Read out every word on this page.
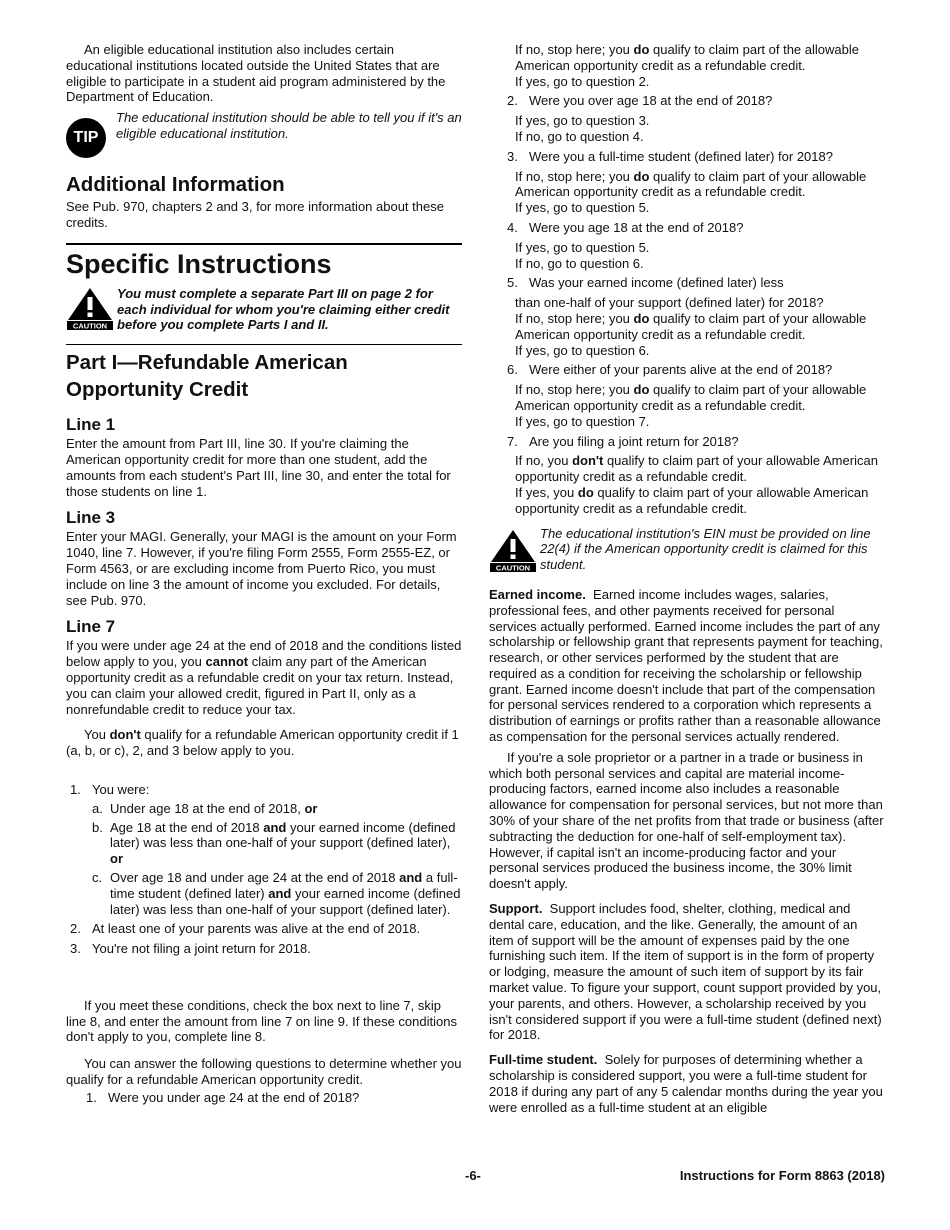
An eligible educational institution also includes certain educational institutions located outside the United States that are eligible to participate in a student aid program administered by the Department of Education.

TIP

The educational institution should be able to tell you if it's an eligible educational institution.

Additional Information

See Pub. 970, chapters 2 and 3, for more information about these credits.

Specific Instructions
CAUTION

You must complete a separate Part III on page 2 for each individual for whom you're claiming either credit before you complete Parts I and II.

Part I—Refundable American
Opportunity Credit
Line 1

Enter the amount from Part III, line 30. If you're claiming the American opportunity credit for more than one student, add the amounts from each student's Part III, line 30, and enter the total for those students on line 1.

Line 3

Enter your MAGI. Generally, your MAGI is the amount on your Form 1040, line 7. However, if you're filing Form 2555, Form 2555-EZ, or Form 4563, or are excluding income from Puerto Rico, you must include on line 3 the amount of income you excluded. For details, see Pub. 970.

Line 7

If you were under age 24 at the end of 2018 and the conditions listed below apply to you, you cannot claim any part of the American opportunity credit as a refundable credit on your tax return. Instead, you can claim your allowed credit, figured in Part II, only as a nonrefundable credit to reduce your tax.

You don't qualify for a refundable American opportunity credit if 1 (a, b, or c), 2, and 3 below apply to you.

1. You were:
a. Under age 18 at the end of 2018, or
b. Age 18 at the end of 2018 and your earned income (defined later) was less than one-half of your support (defined later), or
c. Over age 18 and under age 24 at the end of 2018 and a full-time student (defined later) and your earned income (defined later) was less than one-half of your support (defined later).
2. At least one of your parents was alive at the end of 2018.
3. You're not filing a joint return for 2018.

If you meet these conditions, check the box next to line 7, skip line 8, and enter the amount from line 7 on line 9. If these conditions don't apply to you, complete line 8.

You can answer the following questions to determine whether you qualify for a refundable American opportunity credit.

1. Were you under age 24 at the end of 2018?

If no, stop here; you do qualify to claim part of the allowable American opportunity credit as a refundable credit.

If yes, go to question 2.

2. Were you over age 18 at the end of 2018?

If yes, go to question 3.

If no, go to question 4.

3. Were you a full-time student (defined later) for 2018?

If no, stop here; you do qualify to claim part of your allowable American opportunity credit as a refundable credit.

If yes, go to question 5.

4. Were you age 18 at the end of 2018?

If yes, go to question 5.

If no, go to question 6.

5. Was your earned income (defined later) less

than one-half of your support (defined later) for 2018?

If no, stop here; you do qualify to claim part of your allowable American opportunity credit as a refundable credit.

If yes, go to question 6.

6. Were either of your parents alive at the end of 2018?

If no, stop here; you do qualify to claim part of your allowable American opportunity credit as a refundable credit.

If yes, go to question 7.

7. Are you filing a joint return for 2018?

If no, you don't qualify to claim part of your allowable American opportunity credit as a refundable credit.

If yes, you do qualify to claim part of your allowable American opportunity credit as a refundable credit.

CAUTION

The educational institution's EIN must be provided on line 22(4) if the American opportunity credit is claimed for this student.

Earned income. Earned income includes wages, salaries, professional fees, and other payments received for personal services actually performed. Earned income includes the part of any scholarship or fellowship grant that represents payment for teaching, research, or other services performed by the student that are required as a condition for receiving the scholarship or fellowship grant. Earned income doesn't include that part of the compensation for personal services rendered to a corporation which represents a distribution of earnings or profits rather than a reasonable allowance as compensation for the personal services actually rendered.

If you're a sole proprietor or a partner in a trade or business in which both personal services and capital are material income-producing factors, earned income also includes a reasonable allowance for compensation for personal services, but not more than 30% of your share of the net profits from that trade or business (after subtracting the deduction for one-half of self-employment tax). However, if capital isn't an income-producing factor and your personal services produced the business income, the 30% limit doesn't apply.

Support. Support includes food, shelter, clothing, medical and dental care, education, and the like. Generally, the amount of an item of support will be the amount of expenses paid by the one furnishing such item. If the item of support is in the form of property or lodging, measure the amount of such item of support by its fair market value. To figure your support, count support provided by you, your parents, and others. However, a scholarship received by you isn't considered support if you were a full-time student (defined next) for 2018.

Full-time student. Solely for purposes of determining whether a scholarship is considered support, you were a full-time student for 2018 if during any part of any 5 calendar months during the year you were enrolled as a full-time student at an eligible

-6-	Instructions for Form 8863 (2018)
